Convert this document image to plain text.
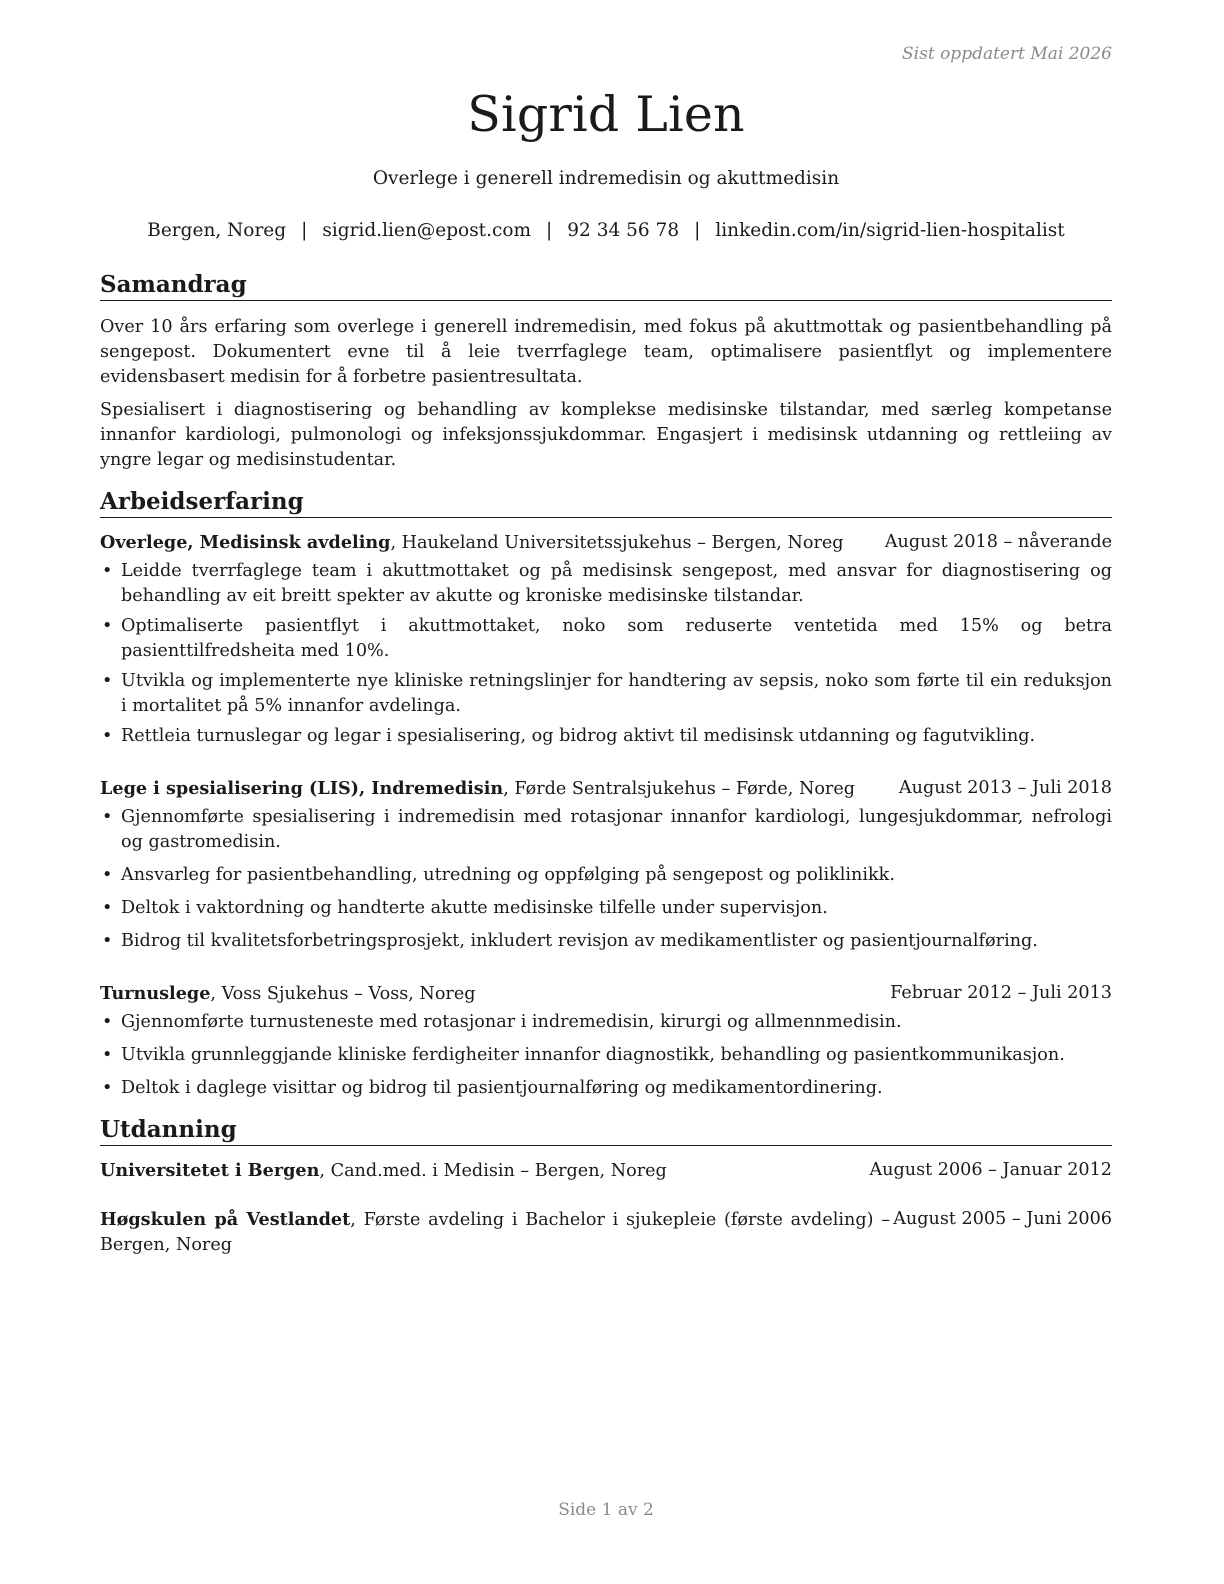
Sist oppdatert Mai 2026
Sigrid Lien
Overlege i generell indremedisin og akuttmedisin
Bergen, Noreg | sigrid.lien@epost.com | 92 34 56 78 | linkedin.com/in/sigrid-lien-hospitalist
Samandrag

Over 10 års erfaring som overlege i generell indremedisin, med fokus på akuttmottak og pasientbehandling på sengepost. Dokumentert evne til å leie tverrfaglege team, optimalisere pasientflyt og implementere evidensbasert medisin for å forbetre pasientresultata.

Spesialisert i diagnostisering og behandling av komplekse medisinske tilstandar, med særleg kompetanse innanfor kardiologi, pulmonologi og infeksjonssjukdommar. Engasjert i medisinsk utdanning og rettleiing av yngre legar og medisinstudentar.

Arbeidserfaring
Overlege, Medisinsk avdeling, Haukeland Universitetssjukehus – Bergen, Noreg August 2018 – nåverande
• Leidde tverrfaglege team i akuttmottaket og på medisinsk sengepost, med ansvar for diagnostisering og behandling av eit breitt spekter av akutte og kroniske medisinske tilstandar.
• Optimaliserte pasientflyt i akuttmottaket, noko som reduserte ventetida med 15% og betra pasienttilfredsheita med 10%.
• Utvikla og implementerte nye kliniske retningslinjer for handtering av sepsis, noko som førte til ein reduksjon i mortalitet på 5% innanfor avdelinga.
• Rettleia turnuslegar og legar i spesialisering, og bidrog aktivt til medisinsk utdanning og fagutvikling.
Lege i spesialisering (LIS), Indremedisin, Førde Sentralsjukehus – Førde, Noreg August 2013 – Juli 2018
• Gjennomførte spesialisering i indremedisin med rotasjonar innanfor kardiologi, lungesjukdommar, nefrologi og gastromedisin.
• Ansvarleg for pasientbehandling, utredning og oppfølging på sengepost og poliklinikk.
• Deltok i vaktordning og handterte akutte medisinske tilfelle under supervisjon.
• Bidrog til kvalitetsforbetringsprosjekt, inkludert revisjon av medikamentlister og pasientjournalføring.
Turnuslege, Voss Sjukehus – Voss, Noreg	Februar 2012 – Juli 2013
• Gjennomførte turnusteneste med rotasjonar i indremedisin, kirurgi og allmennmedisin.
• Utvikla grunnleggjande kliniske ferdigheiter innanfor diagnostikk, behandling og pasientkommunikasjon.
• Deltok i daglege visittar og bidrog til pasientjournalføring og medikamentordinering.
Utdanning
Universitetet i Bergen, Cand.med. i Medisin – Bergen, Noreg	August 2006 – Januar 2012
Høgskulen på Vestlandet, Første avdeling i Bachelor i sjukepleie (første avdeling) –
Bergen, Noreg
August 2005 – Juni 2006
Side 1 av 2
